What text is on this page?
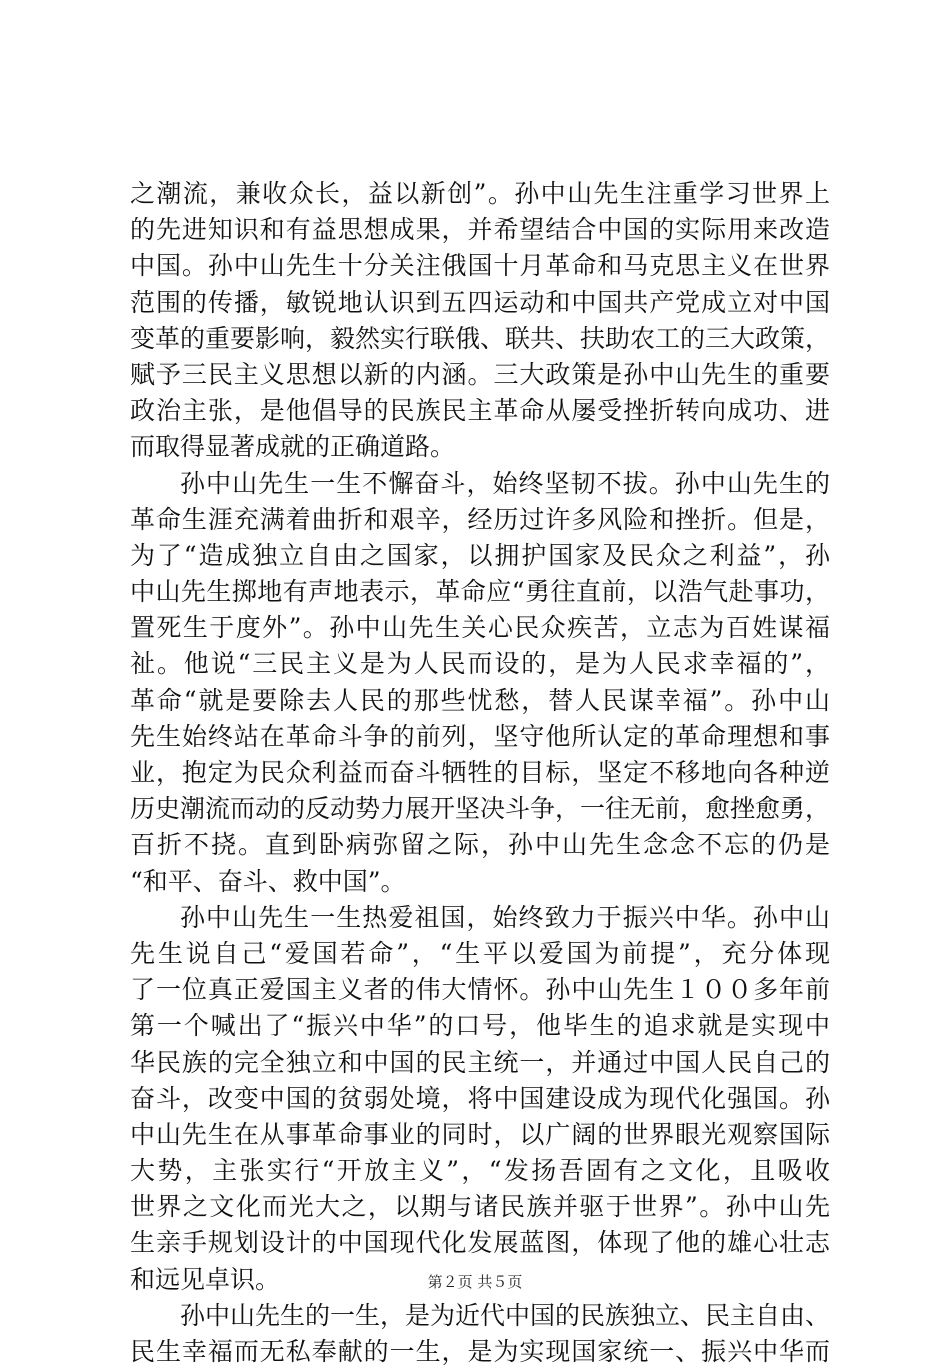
之潮流，兼收众长，益以新创”。孙中山先生注重学习世界上
的先进知识和有益思想成果，并希望结合中国的实际用来改造
中国。孙中山先生十分关注俄国十月革命和马克思主义在世界
范围的传播，敏锐地认识到五四运动和中国共产党成立对中国
变革的重要影响，毅然实行联俄、联共、扶助农工的三大政策，
赋予三民主义思想以新的内涵。三大政策是孙中山先生的重要
政治主张，是他倡导的民族民主革命从屡受挫折转向成功、进
而取得显著成就的正确道路。
孙中山先生一生不懈奋斗，始终坚韧不拔。孙中山先生的
革命生涯充满着曲折和艰辛，经历过许多风险和挫折。但是，
为了“造成独立自由之国家，以拥护国家及民众之利益”，孙
中山先生掷地有声地表示，革命应“勇往直前，以浩气赴事功，
置死生于度外”。孙中山先生关心民众疾苦，立志为百姓谋福
祉。他说“三民主义是为人民而设的，是为人民求幸福的”，
革命“就是要除去人民的那些忧愁，替人民谋幸福”。孙中山
先生始终站在革命斗争的前列，坚守他所认定的革命理想和事
业，抱定为民众利益而奋斗牺牲的目标，坚定不移地向各种逆
历史潮流而动的反动势力展开坚决斗争，一往无前，愈挫愈勇，
百折不挠。直到卧病弥留之际，孙中山先生念念不忘的仍是
“和平、奋斗、救中国”。
孙中山先生一生热爱祖国，始终致力于振兴中华。孙中山
先生说自己“爱国若命”，“生平以爱国为前提”，充分体现
了一位真正爱国主义者的伟大情怀。孙中山先生１００多年前
第一个喊出了“振兴中华”的口号，他毕生的追求就是实现中
华民族的完全独立和中国的民主统一，并通过中国人民自己的
奋斗，改变中国的贫弱处境，将中国建设成为现代化强国。孙
中山先生在从事革命事业的同时，以广阔的世界眼光观察国际
大势，主张实行“开放主义”，“发扬吾固有之文化，且吸收
世界之文化而光大之，以期与诸民族并驱于世界”。孙中山先
生亲手规划设计的中国现代化发展蓝图，体现了他的雄心壮志
和远见卓识。
孙中山先生的一生，是为近代中国的民族独立、民主自由、
民生幸福而无私奉献的一生，是为实现国家统一、振兴中华而
第２页 共５页
